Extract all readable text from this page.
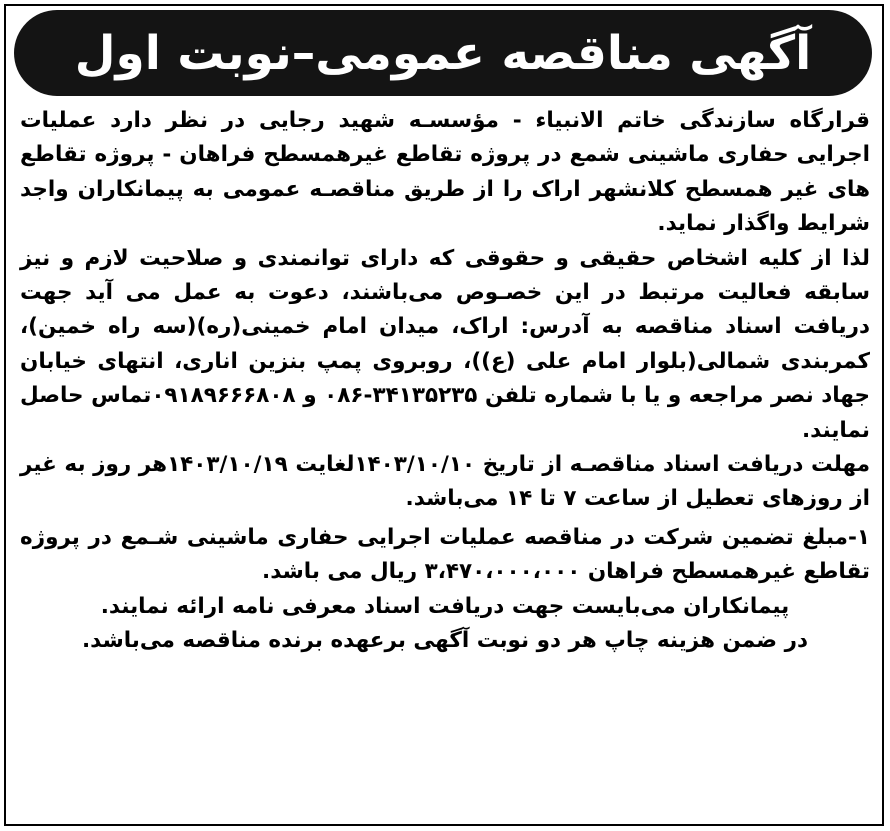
آگهی مناقصه عمومی–نوبت اول

قرارگاه سازندگی خاتم الانبیاء - مؤسسـه شهید رجایی در نظر دارد عملیات اجرایی حفاری ماشینی شمع در پروژه تقاطع غیرهمسطح فراهان - پروژه تقاطع های غیر همسطح کلانشهر اراک را از طریق مناقصـه عمومی به پیمانکاران واجد شرایط واگذار نماید.

لذا از کلیه اشخاص حقیقی و حقوقی که دارای توانمندی و صلاحیت لازم و نیز سابقه فعالیت مرتبط در این خصـوص می‌باشند، دعوت به عمل می آید جهت دریافت اسناد مناقصه به آدرس: اراک، میدان امام خمینی(ره)(سه راه خمین)، کمربندی شمالی(بلوار امام علی (ع))، روبروی پمپ بنزین اناری، انتهای خیابان جهاد نصر مراجعه و یا با شماره تلفن ۳۴۱۳۵۲۳۵-۰۸۶ و ۰۹۱۸۹۶۶۶۸۰۸تماس حاصل نمایند.

مهلت دریافت اسناد مناقصـه از تاریخ ۱۴۰۳/۱۰/۱۰لغایت ۱۴۰۳/۱۰/۱۹هر روز به غیر از روزهای تعطیل از ساعت ۷ تا ۱۴ می‌باشد.

۱-مبلغ تضمین شرکت در مناقصه عملیات اجرایی حفاری ماشینی شـمع در پروژه تقاطع غیرهمسطح فراهان ۳،۴۷۰،۰۰۰،۰۰۰ ریال می باشد.

پیمانکاران می‌بایست جهت دریافت اسناد معرفی نامه ارائه نمایند.

در ضمن هزینه چاپ هر دو نوبت آگهی برعهده برنده مناقصه می‌باشد.
